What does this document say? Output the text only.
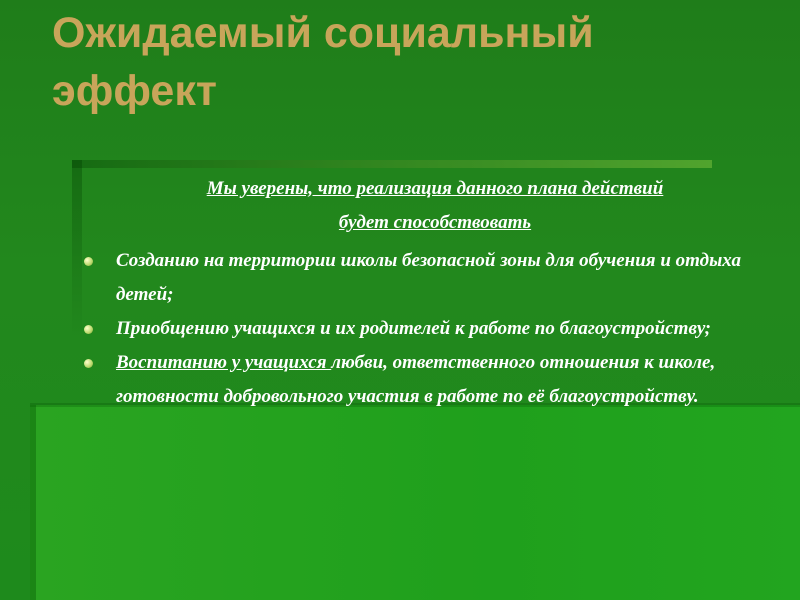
Ожидаемый социальный
эффект

Мы уверены, что реализация данного плана действий
будет способствовать

Созданию на территории школы безопасной зоны для обучения и отдыха детей;
Приобщению учащихся и их родителей к работе по благоустройству;
Воспитанию у учащихся любви, ответственного отношения к школе, готовности добровольного участия в работе по её благоустройству.
